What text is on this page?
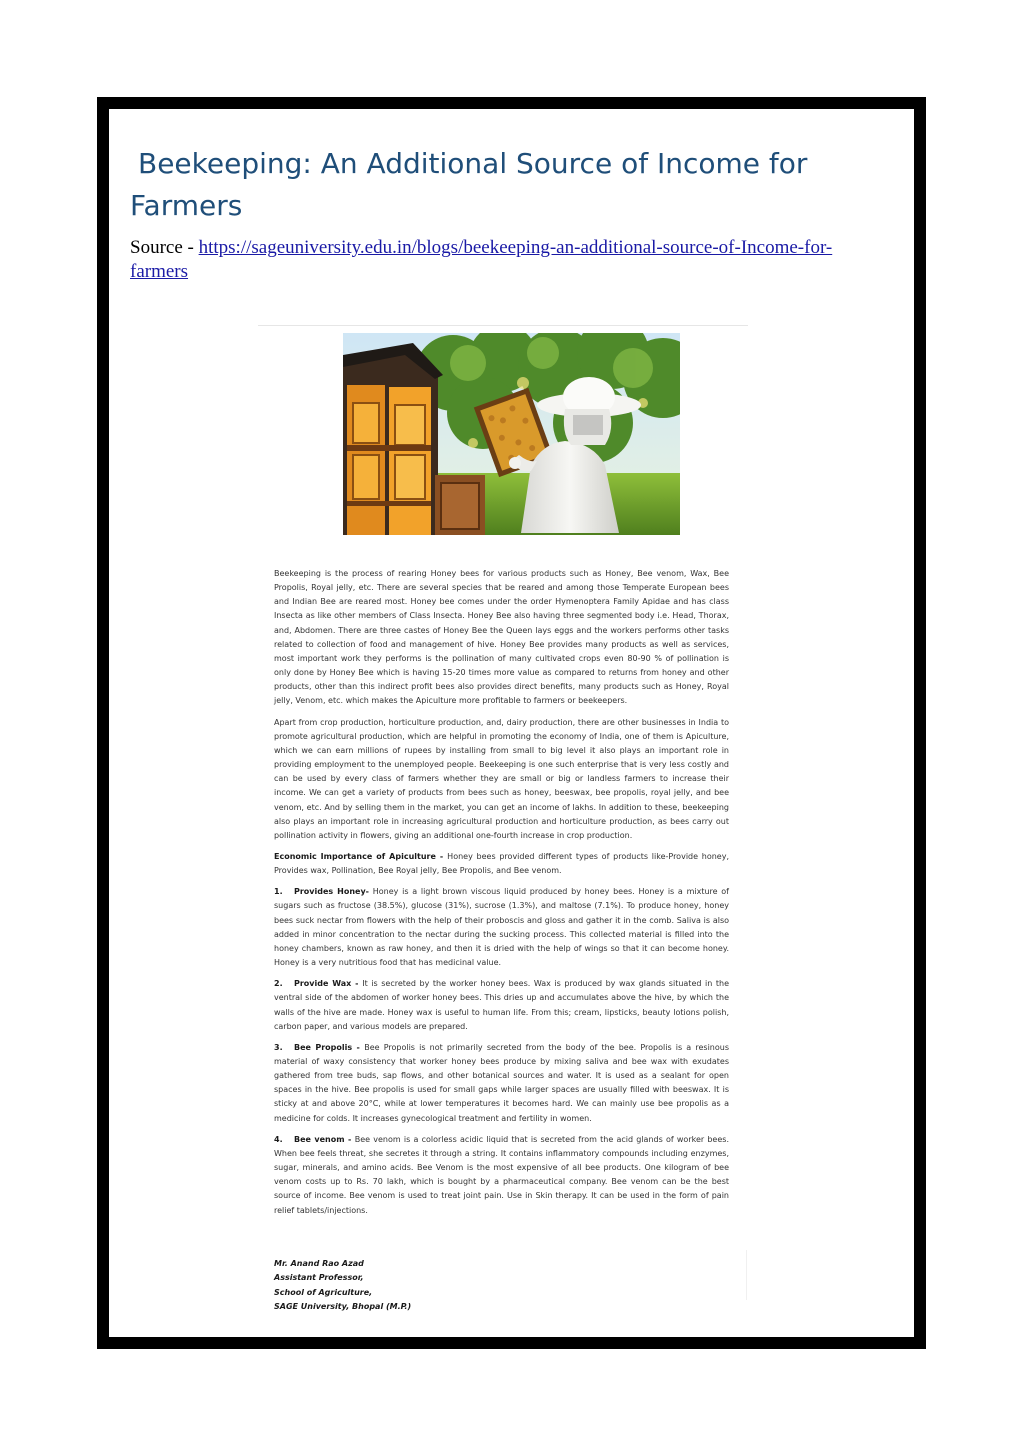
Beekeeping: An Additional Source of Income for
Farmers
Source - https://sageuniversity.edu.in/blogs/beekeeping-an-additional-source-of-Income-for-
farmers

Beekeeping is the process of rearing Honey bees for various products such as Honey, Bee venom, Wax, Bee Propolis, Royal jelly, etc. There are several species that be reared and among those Temperate European bees and Indian Bee are reared most. Honey bee comes under the order Hymenoptera Family Apidae and has class Insecta as like other members of Class Insecta. Honey Bee also having three segmented body i.e. Head, Thorax, and, Abdomen. There are three castes of Honey Bee the Queen lays eggs and the workers performs other tasks related to collection of food and management of hive. Honey Bee provides many products as well as services, most important work they performs is the pollination of many cultivated crops even 80-90 % of pollination is only done by Honey Bee which is having 15-20 times more value as compared to returns from honey and other products, other than this indirect profit bees also provides direct benefits, many products such as Honey, Royal jelly, Venom, etc. which makes the Apiculture more profitable to farmers or beekeepers.

Apart from crop production, horticulture production, and, dairy production, there are other businesses in India to promote agricultural production, which are helpful in promoting the economy of India, one of them is Apiculture, which we can earn millions of rupees by installing from small to big level it also plays an important role in providing employment to the unemployed people. Beekeeping is one such enterprise that is very less costly and can be used by every class of farmers whether they are small or big or landless farmers to increase their income. We can get a variety of products from bees such as honey, beeswax, bee propolis, royal jelly, and bee venom, etc. And by selling them in the market, you can get an income of lakhs. In addition to these, beekeeping also plays an important role in increasing agricultural production and horticulture production, as bees carry out pollination activity in flowers, giving an additional one-fourth increase in crop production.

Economic Importance of Apiculture - Honey bees provided different types of products like-Provide honey, Provides wax, Pollination, Bee Royal jelly, Bee Propolis, and Bee venom.

1. Provides Honey- Honey is a light brown viscous liquid produced by honey bees. Honey is a mixture of sugars such as fructose (38.5%), glucose (31%), sucrose (1.3%), and maltose (7.1%). To produce honey, honey bees suck nectar from flowers with the help of their proboscis and gloss and gather it in the comb. Saliva is also added in minor concentration to the nectar during the sucking process. This collected material is filled into the honey chambers, known as raw honey, and then it is dried with the help of wings so that it can become honey. Honey is a very nutritious food that has medicinal value.

2. Provide Wax - It is secreted by the worker honey bees. Wax is produced by wax glands situated in the ventral side of the abdomen of worker honey bees. This dries up and accumulates above the hive, by which the walls of the hive are made. Honey wax is useful to human life. From this; cream, lipsticks, beauty lotions polish, carbon paper, and various models are prepared.

3. Bee Propolis - Bee Propolis is not primarily secreted from the body of the bee. Propolis is a resinous material of waxy consistency that worker honey bees produce by mixing saliva and bee wax with exudates gathered from tree buds, sap flows, and other botanical sources and water. It is used as a sealant for open spaces in the hive. Bee propolis is used for small gaps while larger spaces are usually filled with beeswax. It is sticky at and above 20°C, while at lower temperatures it becomes hard. We can mainly use bee propolis as a medicine for colds. It increases gynecological treatment and fertility in women.

4. Bee venom - Bee venom is a colorless acidic liquid that is secreted from the acid glands of worker bees. When bee feels threat, she secretes it through a string. It contains inflammatory compounds including enzymes, sugar, minerals, and amino acids. Bee Venom is the most expensive of all bee products. One kilogram of bee venom costs up to Rs. 70 lakh, which is bought by a pharmaceutical company. Bee venom can be the best source of income. Bee venom is used to treat joint pain. Use in Skin therapy. It can be used in the form of pain relief tablets/injections.

Mr. Anand Rao Azad
Assistant Professor,
School of Agriculture,
SAGE University, Bhopal (M.P.)
